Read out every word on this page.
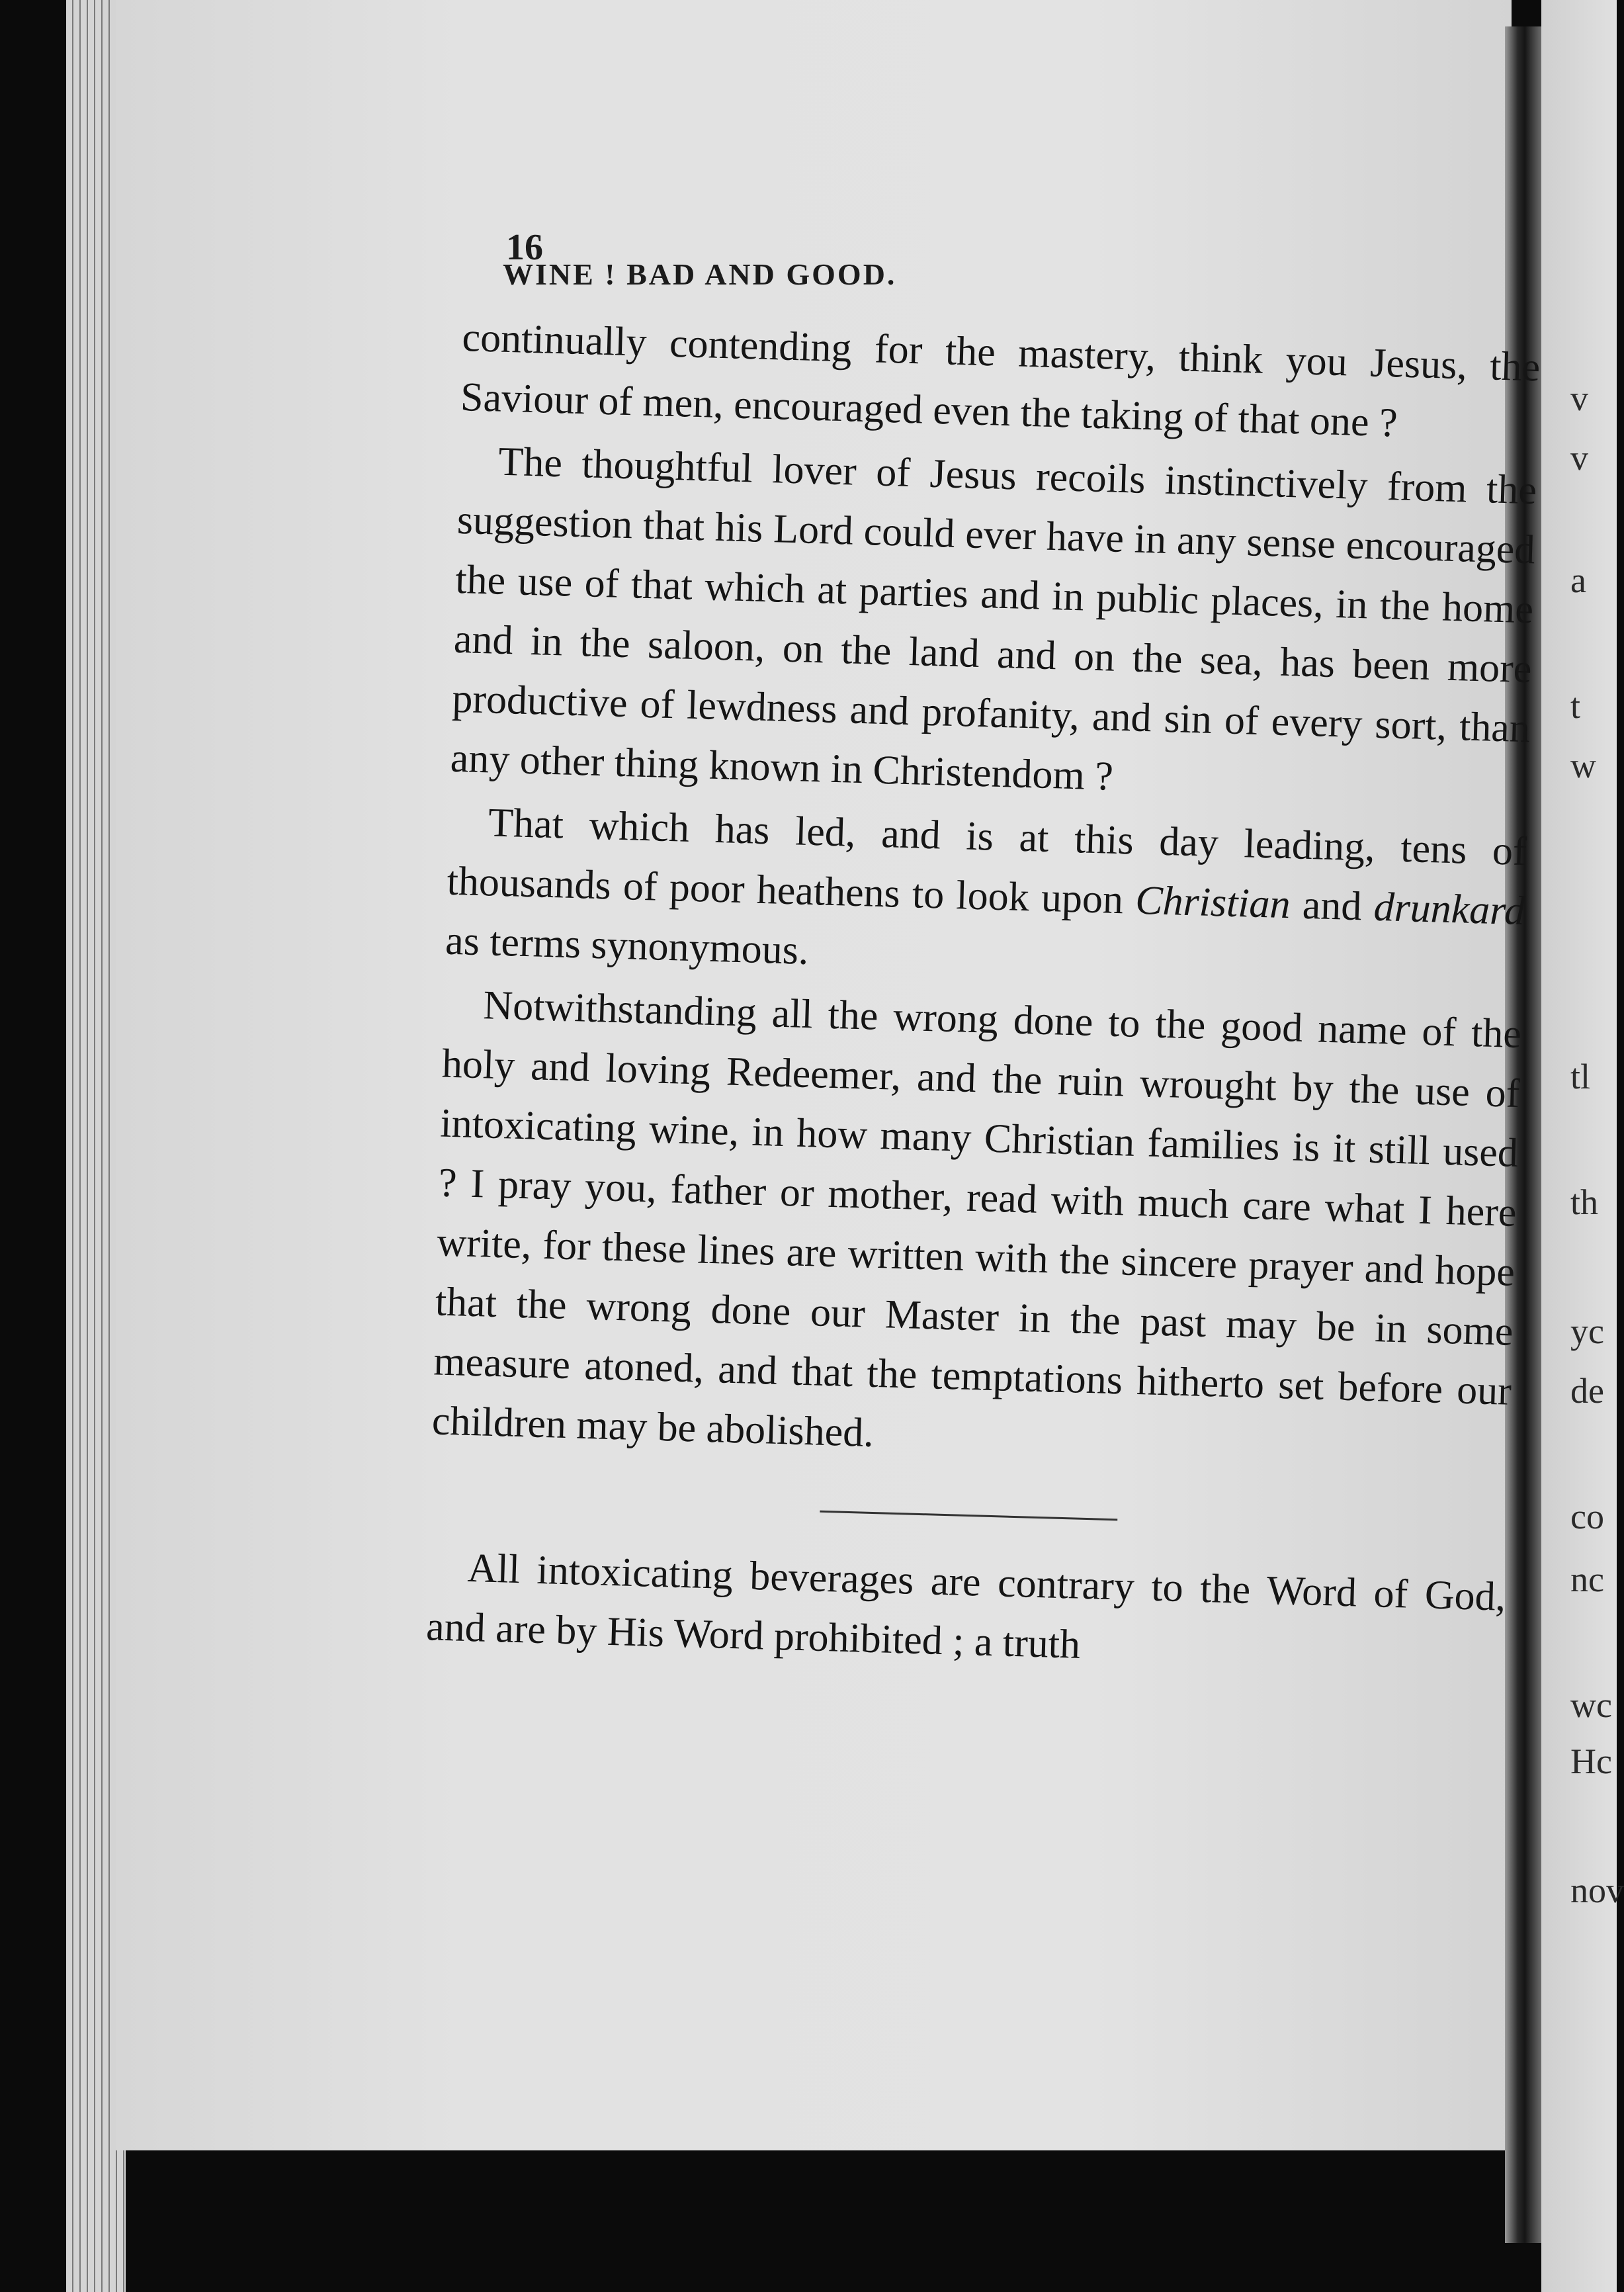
v
v
a
t
w
tl
th
yc
de
co
nc
wc
Hc
nov
16
WINE ! BAD AND GOOD.

continually contending for the mastery, think you Jesus, the Saviour of men, encouraged even the taking of that one ?

The thoughtful lover of Jesus recoils instinctively from the suggestion that his Lord could ever have in any sense encouraged the use of that which at parties and in public places, in the home and in the saloon, on the land and on the sea, has been more productive of lewdness and profanity, and sin of every sort, than any other thing known in Christendom ?

That which has led, and is at this day leading, tens of thousands of poor heathens to look upon Christian and drunkard as terms synonymous.

Notwithstanding all the wrong done to the good name of the holy and loving Redeemer, and the ruin wrought by the use of intoxicating wine, in how many Christian families is it still used ? I pray you, father or mother, read with much care what I here write, for these lines are written with the sincere prayer and hope that the wrong done our Master in the past may be in some measure atoned, and that the temptations hitherto set before our children may be abolished.

All intoxicating beverages are contrary to the Word of God, and are by His Word prohibited ; a truth
